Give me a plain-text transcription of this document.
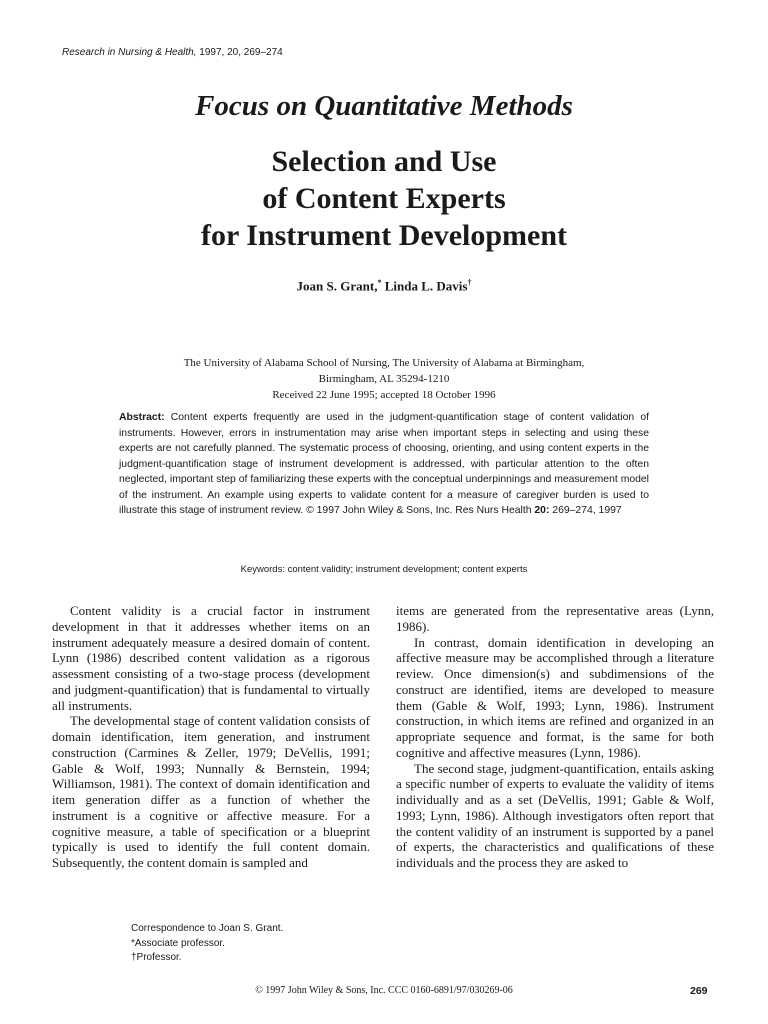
Research in Nursing & Health, 1997, 20, 269–274
Focus on Quantitative Methods
Selection and Use
of Content Experts
for Instrument Development
Joan S. Grant,* Linda L. Davis†
The University of Alabama School of Nursing, The University of Alabama at Birmingham,
Birmingham, AL 35294-1210
Received 22 June 1995; accepted 18 October 1996
Abstract: Content experts frequently are used in the judgment-quantification stage of content validation of instruments. However, errors in instrumentation may arise when important steps in selecting and using these experts are not carefully planned. The systematic process of choosing, orienting, and using content experts in the judgment-quantification stage of instrument development is addressed, with particular attention to the often neglected, important step of familiarizing these experts with the conceptual underpinnings and measurement model of the instrument. An example using experts to validate content for a measure of caregiver burden is used to illustrate this stage of instrument review. © 1997 John Wiley & Sons, Inc. Res Nurs Health 20: 269–274, 1997
Keywords: content validity; instrument development; content experts

Content validity is a crucial factor in instrument development in that it addresses whether items on an instrument adequately measure a desired domain of content. Lynn (1986) described content validation as a rigorous assessment consisting of a two-stage process (development and judgment-quantification) that is fundamental to virtually all instruments.

The developmental stage of content validation consists of domain identification, item generation, and instrument construction (Carmines & Zeller, 1979; DeVellis, 1991; Gable & Wolf, 1993; Nunnally & Bernstein, 1994; Williamson, 1981). The context of domain identification and item generation differ as a function of whether the instrument is a cognitive or affective measure. For a cognitive measure, a table of specification or a blueprint typically is used to identify the full content domain. Subsequently, the content domain is sampled and

items are generated from the representative areas (Lynn, 1986).

In contrast, domain identification in developing an affective measure may be accomplished through a literature review. Once dimension(s) and subdimensions of the construct are identified, items are developed to measure them (Gable & Wolf, 1993; Lynn, 1986). Instrument construction, in which items are refined and organized in an appropriate sequence and format, is the same for both cognitive and affective measures (Lynn, 1986).

The second stage, judgment-quantification, entails asking a specific number of experts to evaluate the validity of items individually and as a set (DeVellis, 1991; Gable & Wolf, 1993; Lynn, 1986). Although investigators often report that the content validity of an instrument is supported by a panel of experts, the characteristics and qualifications of these individuals and the process they are asked to

Correspondence to Joan S. Grant.
*Associate professor.
†Professor.
© 1997 John Wiley & Sons, Inc. CCC 0160-6891/97/030269-06	269
